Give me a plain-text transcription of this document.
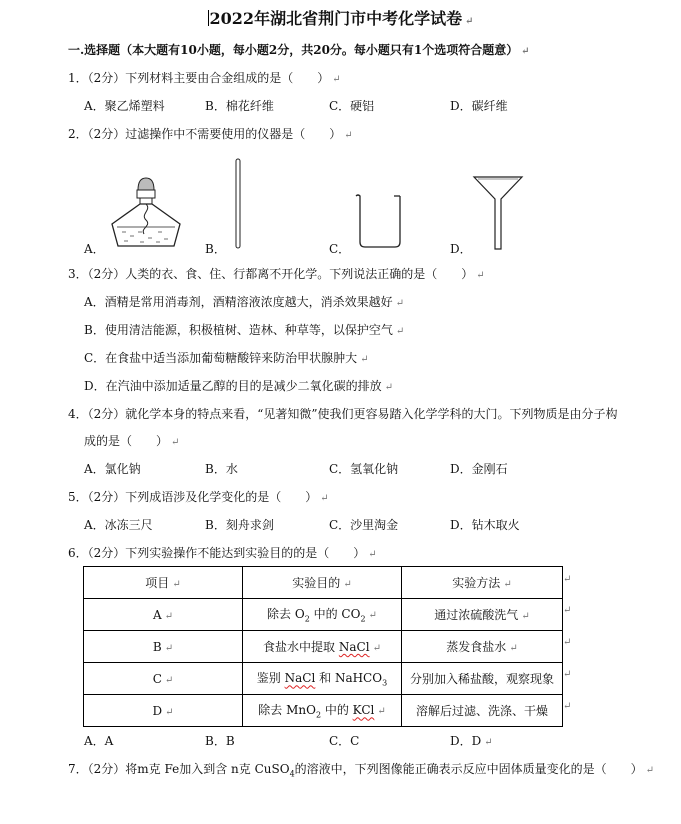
2022年湖北省荆门市中考化学试卷 ↵
一.选择题（本大题有10小题，每小题2分，共20分。每小题只有1个选项符合题意） ↵
1．（2分）下列材料主要由合金组成的是（　　） ↵
A．聚乙烯塑料	B．棉花纤维	C．硬铝	D．碳纤维
2．（2分）过滤操作中不需要使用的仪器是（　　） ↵
A．	B．	C．	D．
3．（2分）人类的衣、食、住、行都离不开化学。下列说法正确的是（　　） ↵
A．酒精是常用消毒剂，酒精溶液浓度越大，消杀效果越好 ↵
B．使用清洁能源，积极植树、造林、种草等，以保护空气 ↵
C．在食盐中适当添加葡萄糖酸锌来防治甲状腺肿大 ↵
D．在汽油中添加适量乙醇的目的是减少二氧化碳的排放 ↵
4．（2分）就化学本身的特点来看，“见著知微”使我们更容易踏入化学学科的大门。下列物质是由分子构
成的是（　　） ↵
A．氯化钠	B．水	C．氢氧化钠	D．金刚石
5．（2分）下列成语涉及化学变化的是（　　） ↵
A．冰冻三尺	B．刻舟求剑	C．沙里淘金	D．钻木取火
6．（2分）下列实验操作不能达到实验目的的是（　　） ↵
项目 ↵	实验目的 ↵	实验方法 ↵
A ↵	除去 $O_2$ 中的 $CO_2$ ↵	通过浓硫酸洗气 ↵
B ↵	食盐水中提取 NaCl ↵	蒸发食盐水 ↵
C ↵	鉴别 NaCl 和 NaHCO$_3$	分别加入稀盐酸，观察现象
D ↵	除去 MnO$_2$ 中的 KCl ↵	溶解后过滤、洗涤、干燥
↵
↵
↵
↵
↵
A．A	B．B	C．C	D．D ↵
7．（2分）将m克 Fe加入到含 n克 CuSO$_4$的溶液中，下列图像能正确表示反应中固体质量变化的是（　　） ↵
